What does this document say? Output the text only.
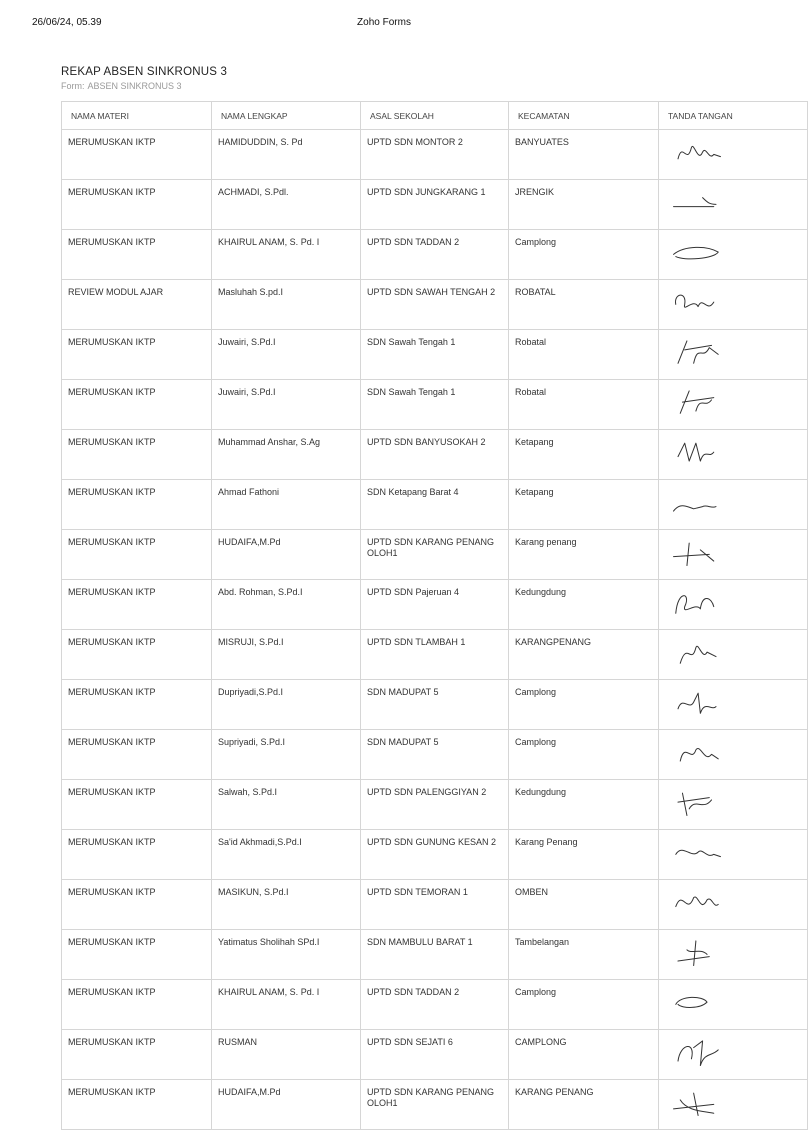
26/06/24, 05.39	Zoho Forms
REKAP ABSEN SINKRONUS 3
Form: ABSEN SINKRONUS 3
NAMA MATERI	NAMA LENGKAP	ASAL SEKOLAH	KECAMATAN	TANDA TANGAN
MERUMUSKAN IKTP	HAMIDUDDIN, S. Pd	UPTD SDN MONTOR 2	BANYUATES	

MERUMUSKAN IKTP	ACHMADI, S.Pdl.	UPTD SDN JUNGKARANG 1	JRENGIK	

MERUMUSKAN IKTP	KHAIRUL ANAM, S. Pd. I	UPTD SDN TADDAN 2	Camplong	

REVIEW MODUL AJAR	Masluhah S.pd.I	UPTD SDN SAWAH TENGAH 2	ROBATAL	

MERUMUSKAN IKTP	Juwairi, S.Pd.I	SDN Sawah Tengah 1	Robatal	

MERUMUSKAN IKTP	Juwairi, S.Pd.I	SDN Sawah Tengah 1	Robatal	

MERUMUSKAN IKTP	Muhammad Anshar, S.Ag	UPTD SDN BANYUSOKAH 2	Ketapang	

MERUMUSKAN IKTP	Ahmad Fathoni	SDN Ketapang Barat 4	Ketapang	

MERUMUSKAN IKTP	HUDAIFA,M.Pd	UPTD SDN KARANG PENANG OLOH1	Karang penang	

MERUMUSKAN IKTP	Abd. Rohman, S.Pd.I	UPTD SDN Pajeruan 4	Kedungdung	

MERUMUSKAN IKTP	MISRUJI, S.Pd.I	UPTD SDN TLAMBAH 1	KARANGPENANG	

MERUMUSKAN IKTP	Dupriyadi,S.Pd.I	SDN MADUPAT 5	Camplong	

MERUMUSKAN IKTP	Supriyadi, S.Pd.I	SDN MADUPAT 5	Camplong	

MERUMUSKAN IKTP	Salwah, S.Pd.I	UPTD SDN PALENGGIYAN 2	Kedungdung	

MERUMUSKAN IKTP	Sa'id Akhmadi,S.Pd.I	UPTD SDN GUNUNG KESAN 2	Karang Penang	

MERUMUSKAN IKTP	MASIKUN, S.Pd.I	UPTD SDN TEMORAN 1	OMBEN	

MERUMUSKAN IKTP	Yatimatus Sholihah SPd.I	SDN MAMBULU BARAT 1	Tambelangan	

MERUMUSKAN IKTP	KHAIRUL ANAM, S. Pd. I	UPTD SDN TADDAN 2	Camplong	

MERUMUSKAN IKTP	RUSMAN	UPTD SDN SEJATI 6	CAMPLONG	

MERUMUSKAN IKTP	HUDAIFA,M.Pd	UPTD SDN KARANG PENANG OLOH1	KARANG PENANG	
